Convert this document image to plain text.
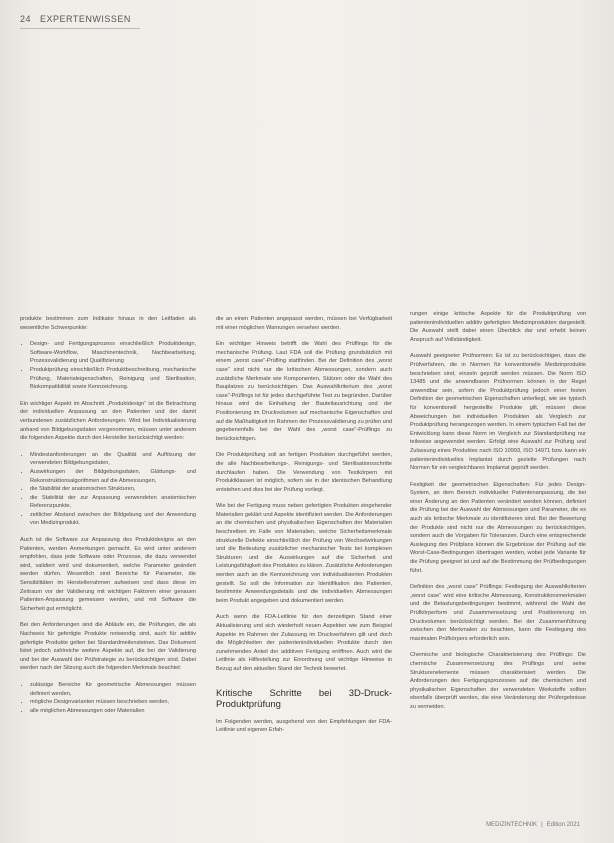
24 EXPERTENWISSEN

produkte bestimmen zum Indikator hinaus in den Leitfaden als wesentliche Schwerpunkte:

• Design- und Fertigungsprozess einschließlich Produktdesign, Software-Workflow, Maschinentechnik, Nachbearbeitung, Prozessvalidierung und Qualifizierung
• Produktprüfung einschließlich Produktbeschreibung, mechanische Prüfung, Materialeigenschaften, Reinigung und Sterilisation, Biokompatibilität sowie Kennzeichnung.

Ein wichtiger Aspekt im Abschnitt „Produktdesign“ ist die Betrachtung der individuellen Anpassung an den Patienten und der damit verbundenen zusätzlichen Anforderungen. Wird bei Individualisierung anhand von Bildgebungsdaten vorgenommen, müssen unter anderem die folgenden Aspekte durch den Hersteller berücksichtigt werden:

• Mindestanforderungen an die Qualität und Auflösung der verwendeten Bildgebungsdaten,
• Auswirkungen der Bildgebungsdaten, Glättungs- und Rekonstruktionsalgorithmen auf die Abmessungen,
• die Stabilität der anatomischen Strukturen,
• die Stabilität der zur Anpassung verwendeten anatomischen Referenzpunkte,
• zeitlicher Abstand zwischen der Bildgebung und der Anwendung von Medizinprodukt.

Auch ist die Software zur Anpassung des Produktdesigns an den Patienten, werden Anmerkungen gemacht. Es wird unter anderem empfohlen, dass jede Software oder Prozesse, die dazu verwendet wird, validiert wird und dokumentiert, welche Parameter geändert werden dürfen. Wesentlich sind Bereiche für Parameter, die Sensibilitäten im Herstellerrahmen aufweisen und dass diese im Zeitraum vor der Validierung mit wichtigen Faktoren einer genauen Patienten-Anpassung gemessen werden, und mit Software die Sicherheit gut ermöglicht.

Bei den Anforderungen sind die Abläufe ein, die Prüfungen, die als Nachweis für gefertigte Produkte notwendig sind, auch für additiv gefertigte Produkte gelten bei Standardmeilensteinen. Das Dokument listet jedoch zahlreiche weitere Aspekte auf, die bei der Validierung und bei der Auswahl der Prüfstrategie zu berücksichtigen sind. Dabei werden nach der Sitzung auch die folgenden Merkmale beachtet:

• zulässige Bereiche für geometrische Abmessungen müssen definiert werden,
• mögliche Designvarianten müssen beschrieben werden,
• alle möglichen Abmessungen oder Materialien

die an einen Patienten angepasst werden, müssen bei Verfügbarkeit mit einer möglichen Warnungen versehen werden.

Ein wichtiger Hinweis betrifft die Wahl des Prüflings für die mechanische Prüfung. Laut FDA soll die Prüfung grundsätzlich mit einem „worst case“-Prüfling stattfinden. Bei der Definition des „worst case“ sind nicht nur die kritischen Abmessungen, sondern auch zusätzliche Merkmale wie Komponenten, Stützen oder die Wahl des Bauplatzes zu berücksichtigen. Das Auswahlkriterium des „worst case“-Prüflings ist für jedes durchgeführte Test zu begründen. Darüber hinaus wird die Einhaltung der Bauteilausrichtung und der Positionierung im Druckvolumen auf mechanische Eigenschaften und auf die Maßhaltigkeit im Rahmen der Prozessvalidierung zu prüfen und gegebenenfalls bei der Wahl des „worst case“-Prüflings zu berücksichtigen.

Die Produktprüfung soll an fertigen Produkten durchgeführt werden, die alle Nachbearbeitungs-, Reinigungs- und Sterilisationsschritte durchlaufen haben. Die Verwendung von Testkörpern mit Produktklassen ist möglich, sofern sie in der identischen Behandlung entstehen und dies bei der Prüfung vorliegt.

Wie bei der Fertigung muss neben gefertigten Produkten eingehender Materialien geklärt und Aspekte identifiziert werden. Die Anforderungen an die chemischen und physikalischen Eigenschaften der Materialien beschreiben im Falle von Materialien, welche Sicherheitsmerkmale strukturelle Defekte einschließlich der Prüfung von Wechselwirkungen und die Bedeutung zusätzlicher mechanischer Tests bei komplexen Strukturen und die Auswirkungen auf die Sicherheit und Leistungsfähigkeit des Produktes zu klären. Zusätzliche Anforderungen werden auch an die Kennzeichnung von individualisierten Produkten gestellt. So soll die Information zur Identifikation des Patienten, bestimmte Anwendungsdetails und die individuellen Abmessungen beim Produkt angegeben und dokumentiert werden.

Auch wenn die FDA-Leitlinie für den derzeitigen Stand einer Aktualisierung und sich wiederholt neuen Aspekten wie zum Beispiel Aspekte im Rahmen der Zulassung im Druckverfahren gilt und doch die Möglichkeiten der patientenindividuellen Produkte durch den zunehmenden Anteil der additiven Fertigung eröffnen. Auch wird die Leitlinie als Hilfestellung zur Einordnung und wichtige Hinweise in Bezug auf den aktuellen Stand der Technik bewertet.

Kritische Schritte bei 3D-Druck-Produktprüfung

Im Folgenden werden, ausgehend von den Empfehlungen der FDA-Leitlinie und eigenen Erfah-

rungen einige kritische Aspekte für die Produktprüfung von patientenindividuellen additiv gefertigten Medizinprodukten dargestellt. Die Auswahl stellt dabei einen Überblick dar und erhebt keinen Anspruch auf Vollständigkeit.

Auswahl geeigneter Prüfnormen: Es ist zu berücksichtigen, dass die Prüfverfahren, die in Normen für konventionelle Medizinprodukte beschrieben sind, einzeln geprüft werden müssen. Die Norm ISO 13485 und die anwendbaren Prüfnormen können in der Regel anwendbar sein, sofern die Produktprüfung jedoch einer festen Definition der geometrischen Eigenschaften unterliegt, wie sie typisch für konventionell hergestellte Produkte gilt, müssen diese Abweichungen bei individuellen Produkten als Vergleich zur Produktprüfung herangezogen werden. In einem typischen Fall bei der Entwicklung kann diese Norm im Vergleich zur Standardprüfung nur teilweise angewendet werden. Erfolgt eine Auswahl zur Prüfung und Zulassung eines Produktes nach ISO 10993, ISO 14971 bzw. kann ein patientenindividuelles Implantat durch gezielte Prüfungen nach Normen für ein vergleichbares Implantat geprüft werden.

Festigkeit der geometrischen Eigenschaften: Für jedes Design-System, an dem Bereich individueller Patientenanpassung, die bei einer Änderung an den Patienten verändert werden können, definiert die Prüfung bei der Auswahl der Abmessungen und Parameter, die es auch als kritische Merkmale zu identifizieren sind. Bei der Bewertung der Produkte sind nicht nur die Abmessungen zu berücksichtigen, sondern auch die Vorgaben für Toleranzen. Durch eine entsprechende Auslegung des Prüfplans können die Ergebnisse der Prüfung auf die Worst-Case-Bedingungen übertragen werden, wobei jede Variante für die Prüfung geeignet ist und auf die Bestimmung der Prüfbedingungen führt.

Definition des „worst case“ Prüflings: Festlegung der Auswahlkriterien „worst case“ wird eine kritische Abmessung, Konstruktionsmerkmalen und die Belastungsbedingungen bestimmt, während die Wahl der Prüfkörperform und Zusammensetzung und Positionierung im Druckvolumen berücksichtigt werden. Bei der Zusammenführung zwischen den Merkmalen zu beachten, kann die Festlegung des maximalen Prüfkörpers erforderlich sein.

Chemische und biologische Charakterisierung des Prüflings: Die chemische Zusammensetzung des Prüflings und seine Strukturenelemente müssen charakterisiert werden. Die Anforderungen des Fertigungsprozesses auf die chemischen und physikalischen Eigenschaften der verwendeten Werkstoffe sollten ebenfalls überprüft werden, die eine Veränderung der Prüfergebnisse zu vermeiden.

MEDIZINTECHNIK | Edition 2021
